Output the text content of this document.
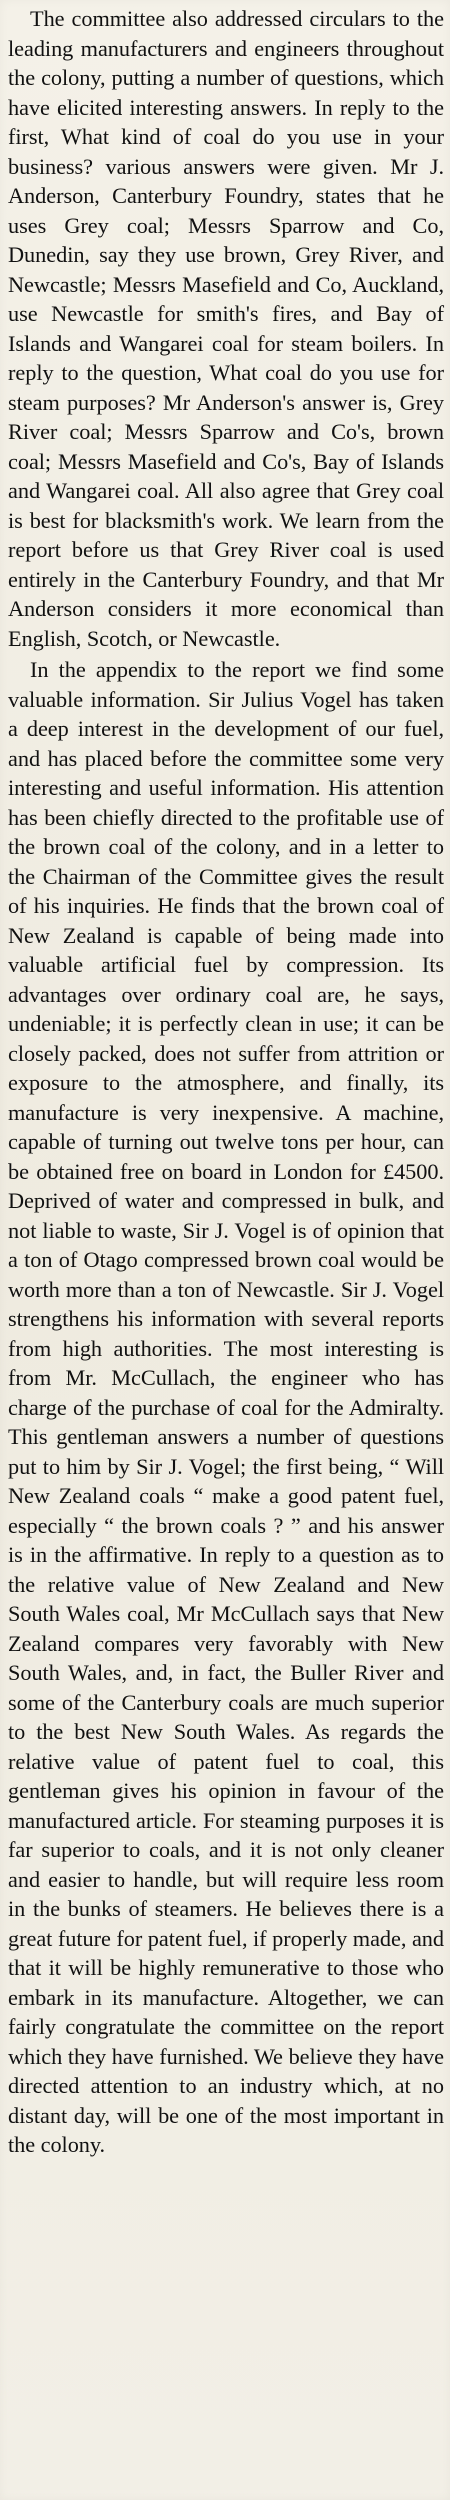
The committee also addressed circulars to the leading manufacturers and engineers throughout the colony, putting a number of questions, which have elicited interesting answers. In reply to the first, What kind of coal do you use in your business? various answers were given. Mr J. Anderson, Canterbury Foundry, states that he uses Grey coal; Messrs Sparrow and Co, Dunedin, say they use brown, Grey River, and Newcastle; Messrs Masefield and Co, Auckland, use Newcastle for smith's fires, and Bay of Islands and Wangarei coal for steam boilers. In reply to the question, What coal do you use for steam purposes? Mr Anderson's answer is, Grey River coal; Messrs Sparrow and Co's, brown coal; Messrs Masefield and Co's, Bay of Islands and Wangarei coal. All also agree that Grey coal is best for blacksmith's work. We learn from the report before us that Grey River coal is used entirely in the Canterbury Foundry, and that Mr Anderson considers it more economical than English, Scotch, or Newcastle.

In the appendix to the report we find some valuable information. Sir Julius Vogel has taken a deep interest in the development of our fuel, and has placed before the committee some very interesting and useful information. His attention has been chiefly directed to the profitable use of the brown coal of the colony, and in a letter to the Chairman of the Committee gives the result of his inquiries. He finds that the brown coal of New Zealand is capable of being made into valuable artificial fuel by compression. Its advantages over ordinary coal are, he says, undeniable; it is perfectly clean in use; it can be closely packed, does not suffer from attrition or exposure to the atmosphere, and finally, its manufacture is very inexpensive. A machine, capable of turning out twelve tons per hour, can be obtained free on board in London for £4500. Deprived of water and compressed in bulk, and not liable to waste, Sir J. Vogel is of opinion that a ton of Otago compressed brown coal would be worth more than a ton of Newcastle. Sir J. Vogel strengthens his information with several reports from high authorities. The most interesting is from Mr. McCullach, the engineer who has charge of the purchase of coal for the Admiralty. This gentleman answers a number of questions put to him by Sir J. Vogel; the first being, “ Will New Zealand coals “ make a good patent fuel, especially “ the brown coals ? ” and his answer is in the affirmative. In reply to a question as to the relative value of New Zealand and New South Wales coal, Mr McCullach says that New Zealand compares very favorably with New South Wales, and, in fact, the Buller River and some of the Canterbury coals are much superior to the best New South Wales. As regards the relative value of patent fuel to coal, this gentleman gives his opinion in favour of the manufactured article. For steaming purposes it is far superior to coals, and it is not only cleaner and easier to handle, but will require less room in the bunks of steamers. He believes there is a great future for patent fuel, if properly made, and that it will be highly remunerative to those who embark in its manufacture. Altogether, we can fairly congratulate the committee on the report which they have furnished. We believe they have directed attention to an industry which, at no distant day, will be one of the most important in the colony.
